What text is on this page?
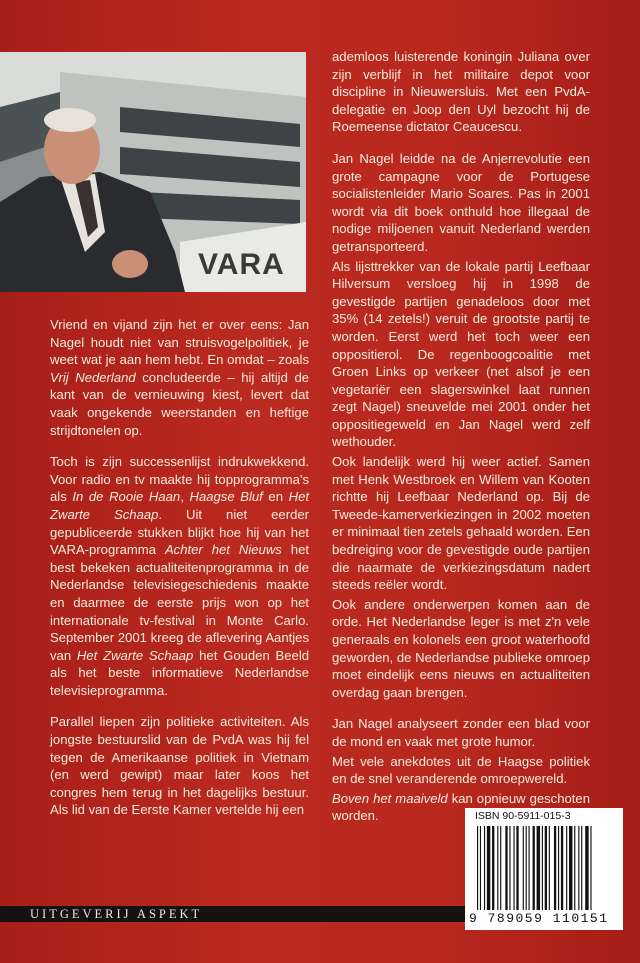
VARA

Vriend en vijand zijn het er over eens: Jan Nagel houdt niet van struisvogelpolitiek, je weet wat je aan hem hebt. En omdat – zoals Vrij Nederland concludeerde – hij altijd de kant van de vernieuwing kiest, levert dat vaak ongekende weerstanden en heftige strijdtonelen op.

Toch is zijn successenlijst indrukwekkend. Voor radio en tv maakte hij topprogramma's als In de Rooie Haan, Haagse Bluf en Het Zwarte Schaap. Uit niet eerder gepubliceerde stukken blijkt hoe hij van het VARA-programma Achter het Nieuws het best bekeken actualiteitenprogramma in de Nederlandse televisiegeschiedenis maakte en daarmee de eerste prijs won op het internationale tv-festival in Monte Carlo. September 2001 kreeg de aflevering Aantjes van Het Zwarte Schaap het Gouden Beeld als het beste informatieve Nederlandse televisieprogramma.

Parallel liepen zijn politieke activiteiten. Als jongste bestuurslid van de PvdA was hij fel tegen de Amerikaanse politiek in Vietnam (en werd gewipt) maar later koos het congres hem terug in het dagelijks bestuur. Als lid van de Eerste Kamer vertelde hij een

ademloos luisterende koningin Juliana over zijn verblijf in het militaire depot voor discipline in Nieuwersluis. Met een PvdA-delegatie en Joop den Uyl bezocht hij de Roemeense dictator Ceaucescu.

Jan Nagel leidde na de Anjerrevolutie een grote campagne voor de Portugese socialistenleider Mario Soares. Pas in 2001 wordt via dit boek onthuld hoe illegaal de nodige miljoenen vanuit Nederland werden getransporteerd.

Als lijsttrekker van de lokale partij Leefbaar Hilversum versloeg hij in 1998 de gevestigde partijen genadeloos door met 35% (14 zetels!) veruit de grootste partij te worden. Eerst werd het toch weer een oppositierol. De regenboogcoalitie met Groen Links op verkeer (net alsof je een vegetariër een slagerswinkel laat runnen zegt Nagel) sneuvelde mei 2001 onder het oppositiegeweld en Jan Nagel werd zelf wethouder.

Ook landelijk werd hij weer actief. Samen met Henk Westbroek en Willem van Kooten richtte hij Leefbaar Nederland op. Bij de Tweede-kamerverkiezingen in 2002 moeten er minimaal tien zetels gehaald worden. Een bedreiging voor de gevestigde oude partijen die naarmate de verkiezingsdatum nadert steeds reëler wordt.

Ook andere onderwerpen komen aan de orde. Het Nederlandse leger is met z'n vele generaals en kolonels een groot waterhoofd geworden, de Nederlandse publieke omroep moet eindelijk eens nieuws en actualiteiten overdag gaan brengen.

Jan Nagel analyseert zonder een blad voor de mond en vaak met grote humor.

Met vele anekdotes uit de Haagse politiek en de snel veranderende omroepwereld.

Boven het maaiveld kan opnieuw geschoten worden.	ISBN 90-5911-015-3
9 789059 110151
UITGEVERIJ ASPEKT
